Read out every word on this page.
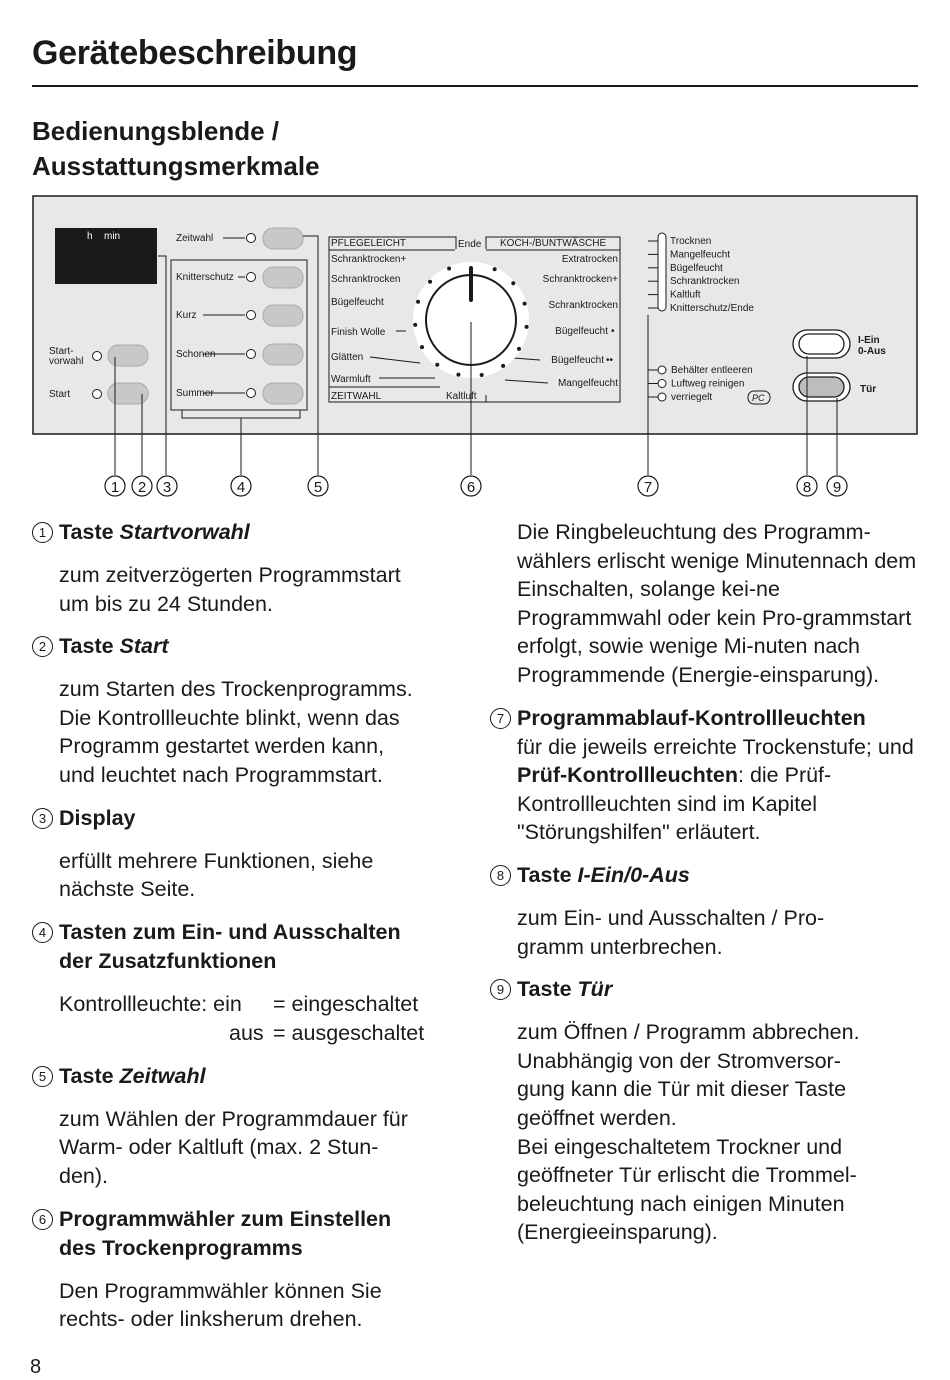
Gerätebeschreibung
Bedienungsblende /
Ausstattungsmerkmale
h min
Start-
vorwahl
Start
Zeitwahl
Knitterschutz
Kurz
Schonen
Summer
PFLEGELEICHT
Schranktrocken+
Schranktrocken
Bügelfeucht
Finish Wolle
Glätten
Warmluft
ZEITWAHL
Ende KOCH-/BUNTWÄSCHE
Extratrocken
Schranktrocken+
Schranktrocken
Bügelfeucht
Bügelfeucht
Mangelfeucht
•
••
Kaltluft
Trocknen
Mangelfeucht
Bügelfeucht
Schranktrocken
Kaltluft
Knitterschutz/Ende
Behälter entleeren
Luftweg reinigen
verriegelt	PC
I-Ein
0-Aus
Tür
1 2 3	4	5	6	7	8 9
1 Taste Startvorwahl
zum zeitverzögerten Programmstart
um bis zu 24 Stunden.
2 Taste Start
zum Starten des Trockenprogramms.
Die Kontrollleuchte blinkt, wenn das
Programm gestartet werden kann,
und leuchtet nach Programmstart.
3 Display
erfüllt mehrere Funktionen, siehe
nächste Seite.
4 Tasten zum Ein- und Ausschalten
der Zusatzfunktionen
Kontrollleuchte: ein = eingeschaltet
aus = ausgeschaltet
5 Taste Zeitwahl
zum Wählen der Programmdauer für
Warm- oder Kaltluft (max. 2 Stun-
den).
6 Programmwähler zum Einstellen
des Trockenprogramms
Den Programmwähler können Sie
rechts- oder linksherum drehen.
Die Ringbeleuchtung des Programm-wählers erlischt wenige Minutennach dem Einschalten, solange kei-ne Programmwahl oder kein Pro-grammstart erfolgt, sowie wenige Mi-nuten nach Programmende (Energie-einsparung).
7 Programmablauf-Kontrollleuchten
für die jeweils erreichte Trockenstufe; und Prüf-Kontrollleuchten: die Prüf-Kontrollleuchten sind im Kapitel "Störungshilfen" erläutert.
8 Taste I-Ein/0-Aus
zum Ein- und Ausschalten / Pro-
gramm unterbrechen.
9 Taste Tür
zum Öffnen / Programm abbrechen.
Unabhängig von der Stromversor-
gung kann die Tür mit dieser Taste
geöffnet werden.
Bei eingeschaltetem Trockner und
geöffneter Tür erlischt die Trommel-
beleuchtung nach einigen Minuten
(Energieeinsparung).
8
